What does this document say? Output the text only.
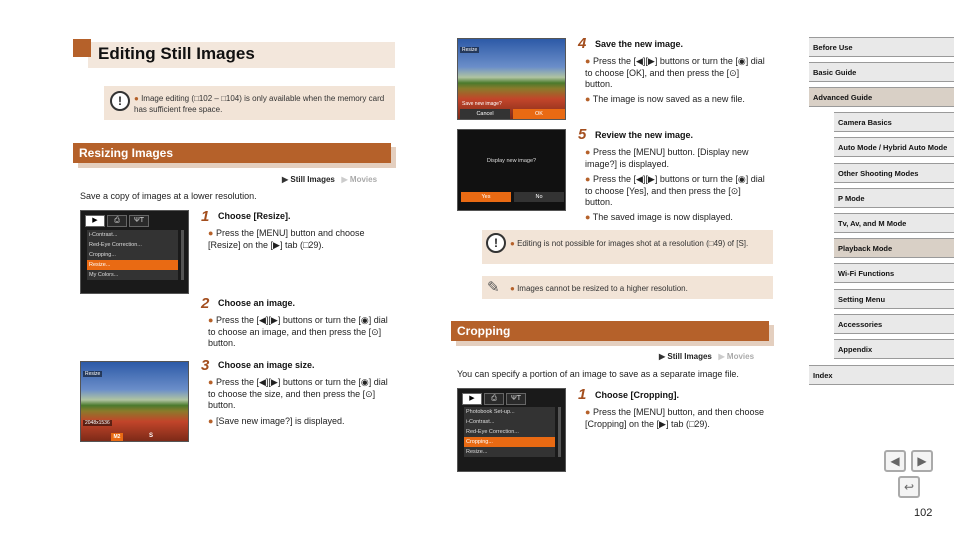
Editing Still Images
!	● Image editing (□102 – □104) is only available when the memory card has sufficient free space.
Resizing Images
▶ Still Images ▶ Movies
Save a copy of images at a lower resolution.
▶	⎙	ΨΤ
i-Contrast...
Red-Eye Correction...
Cropping...
Resize...
My Colors...
1 Choose [Resize].
● Press the [MENU] button and choose [Resize] on the [▶] tab (□29).
2 Choose an image.
● Press the [◀][▶] buttons or turn the [◉] dial to choose an image, and then press the [⊙] button.
Resize
2048x1536
M2	S
3 Choose an image size.
● Press the [◀][▶] buttons or turn the [◉] dial to choose the size, and then press the [⊙] button.
● [Save new image?] is displayed.
Resize
Save new image?
Cancel	OK
4 Save the new image.
● Press the [◀][▶] buttons or turn the [◉] dial to choose [OK], and then press the [⊙] button.
● The image is now saved as a new file.
Display new image?
Yes	No
5 Review the new image.
● Press the [MENU] button. [Display new image?] is displayed.
● Press the [◀][▶] buttons or turn the [◉] dial to choose [Yes], and then press the [⊙] button.
● The saved image is now displayed.
!	● Editing is not possible for images shot at a resolution (□49) of [S].
✎ ● Images cannot be resized to a higher resolution.
Cropping
▶ Still Images ▶ Movies
You can specify a portion of an image to save as a separate image file.
▶	⎙	ΨΤ
Photobook Set-up...
i-Contrast...
Red-Eye Correction...
Cropping...
Resize...
1 Choose [Cropping].
● Press the [MENU] button, and then choose [Cropping] on the [▶] tab (□29).
Before Use
Basic Guide
Advanced Guide
Camera Basics
Auto Mode / Hybrid Auto Mode
Other Shooting Modes
P Mode
Tv, Av, and M Mode
Playback Mode
Wi-Fi Functions
Setting Menu
Accessories
Appendix
Index
◀	▶
↩
102
